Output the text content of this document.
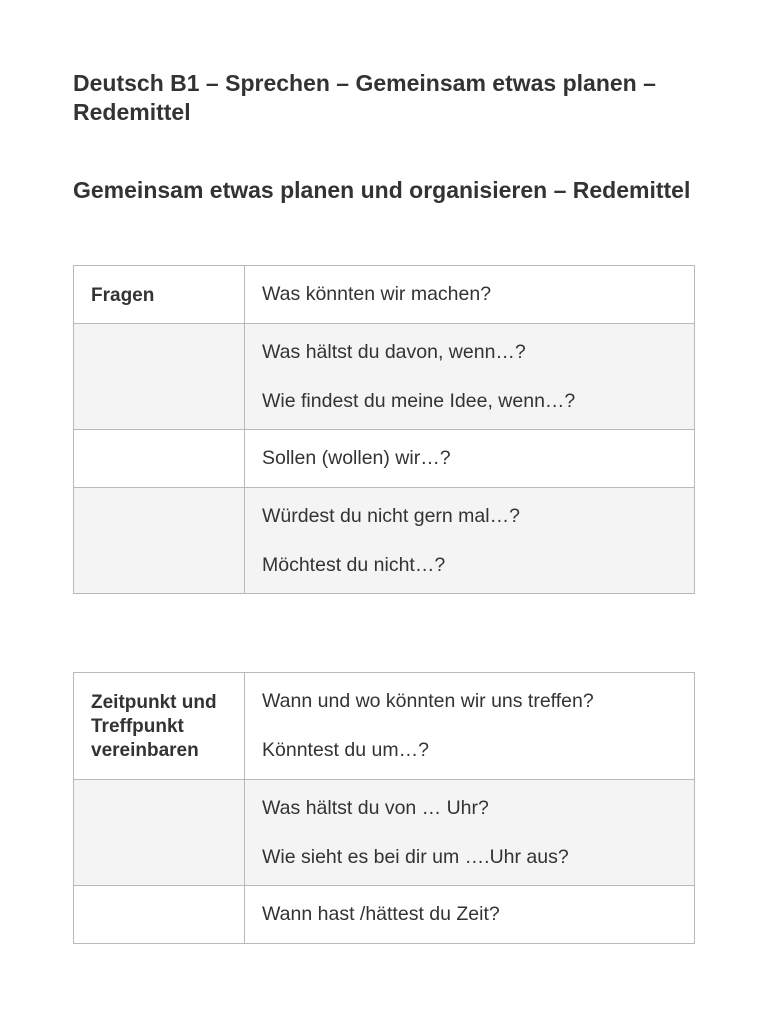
Deutsch B1 – Sprechen – Gemeinsam etwas planen – Redemittel
Gemeinsam etwas planen und organisieren – Redemittel
Fragen	Was könnten wir machen?

	Was hältst du davon, wenn…?
Wie findest du meine Idee, wenn…?

	Sollen (wollen) wir…?

	Würdest du nicht gern mal…?
Möchtest du nicht…?
Zeitpunkt und Treffpunkt vereinbaren	Wann und wo könnten wir uns treffen?
Könntest du um…?

	Was hältst du von … Uhr?
Wie sieht es bei dir um ….Uhr aus?

	Wann hast /hättest du Zeit?
